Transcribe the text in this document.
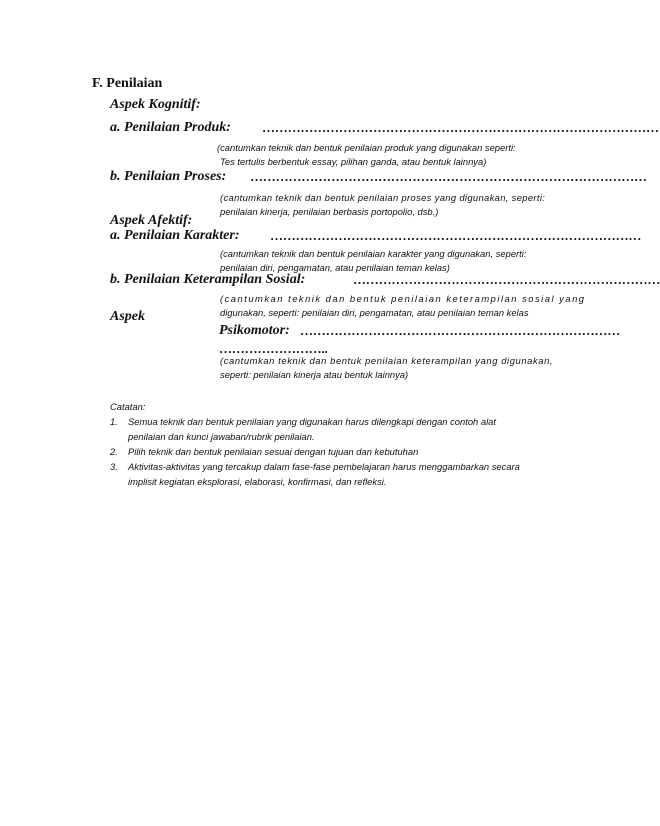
F. Penilaian
Aspek Kognitif:
a. Penilaian Produk: …………………………………………………………………………………
(cantumkan teknik dan bentuk penilaian produk yang digunakan seperti:
Tes tertulis berbentuk essay, pilihan ganda, atau bentuk lainnya)
b. Penilaian Proses: …………………………………………………………………………………
(cantumkan teknik dan bentuk penilaian proses yang digunakan, seperti:
penilaian kinerja, penilaian berbasis portopolio, dsb.)
Aspek Afektif:
a. Penilaian Karakter: ……………………………………………………………………………
(cantumkan teknik dan bentuk penilaian karakter yang digunakan, seperti:
penilaian diri, pengamatan, atau penilaian teman kelas)
b. Penilaian Keterampilan Sosial:	………………………………………………………………
(cantumkan teknik dan bentuk penilaian keterampilan sosial yang
digunakan, seperti: penilaian diri, pengamatan, atau penilaian teman kelas
Aspek
Psikomotor: …………………………………………………………………
……………………..
(cantumkan teknik dan bentuk penilaian keterampilan yang digunakan,
seperti: penilaian kinerja atau bentuk lainnya)
Catatan:
1. Semua teknik dan bentuk penilaian yang digunakan harus dilengkapi dengan contoh alat
penilaian dan kunci jawaban/rubrik penilaian.
2. Pilih teknik dan bentuk penilaian sesuai dengan tujuan dan kebutuhan
3. Aktivitas-aktivitas yang tercakup dalam fase-fase pembelajaran harus menggambarkan secara
implisit kegiatan eksplorasi, elaborasi, konfirmasi, dan refleksi.
